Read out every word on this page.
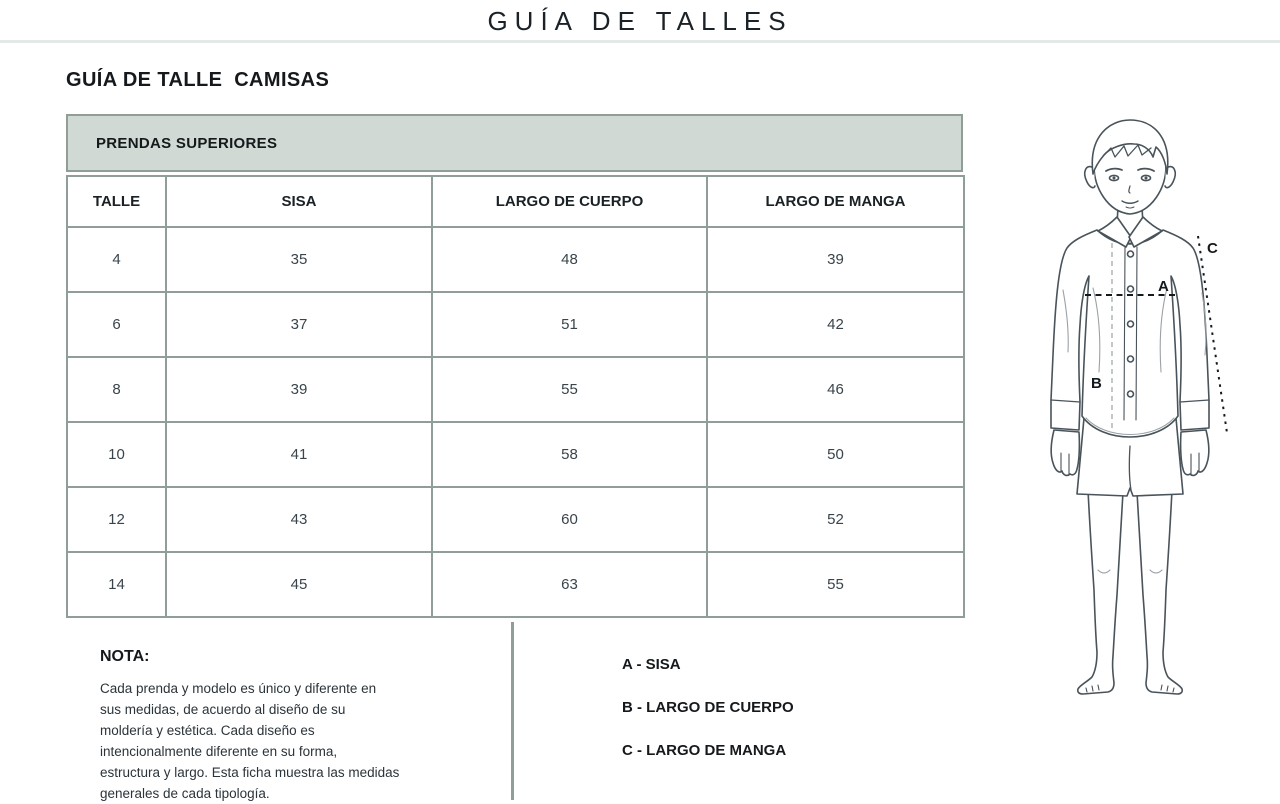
GUÍA DE TALLES
GUÍA DE TALLE  CAMISAS
PRENDAS SUPERIORES
TALLE	SISA	LARGO DE CUERPO	LARGO DE MANGA
4	35	48	39
6	37	51	42
8	39	55	46
10	41	58	50
12	43	60	52
14	45	63	55
NOTA:
Cada prenda y modelo es único y diferente en sus medidas, de acuerdo al diseño de su moldería y estética. Cada diseño es intencionalmente diferente en su forma, estructura y largo. Esta ficha muestra las medidas generales de cada tipología.
A - SISA
B - LARGO DE CUERPO
C - LARGO DE MANGA
A
B
C
